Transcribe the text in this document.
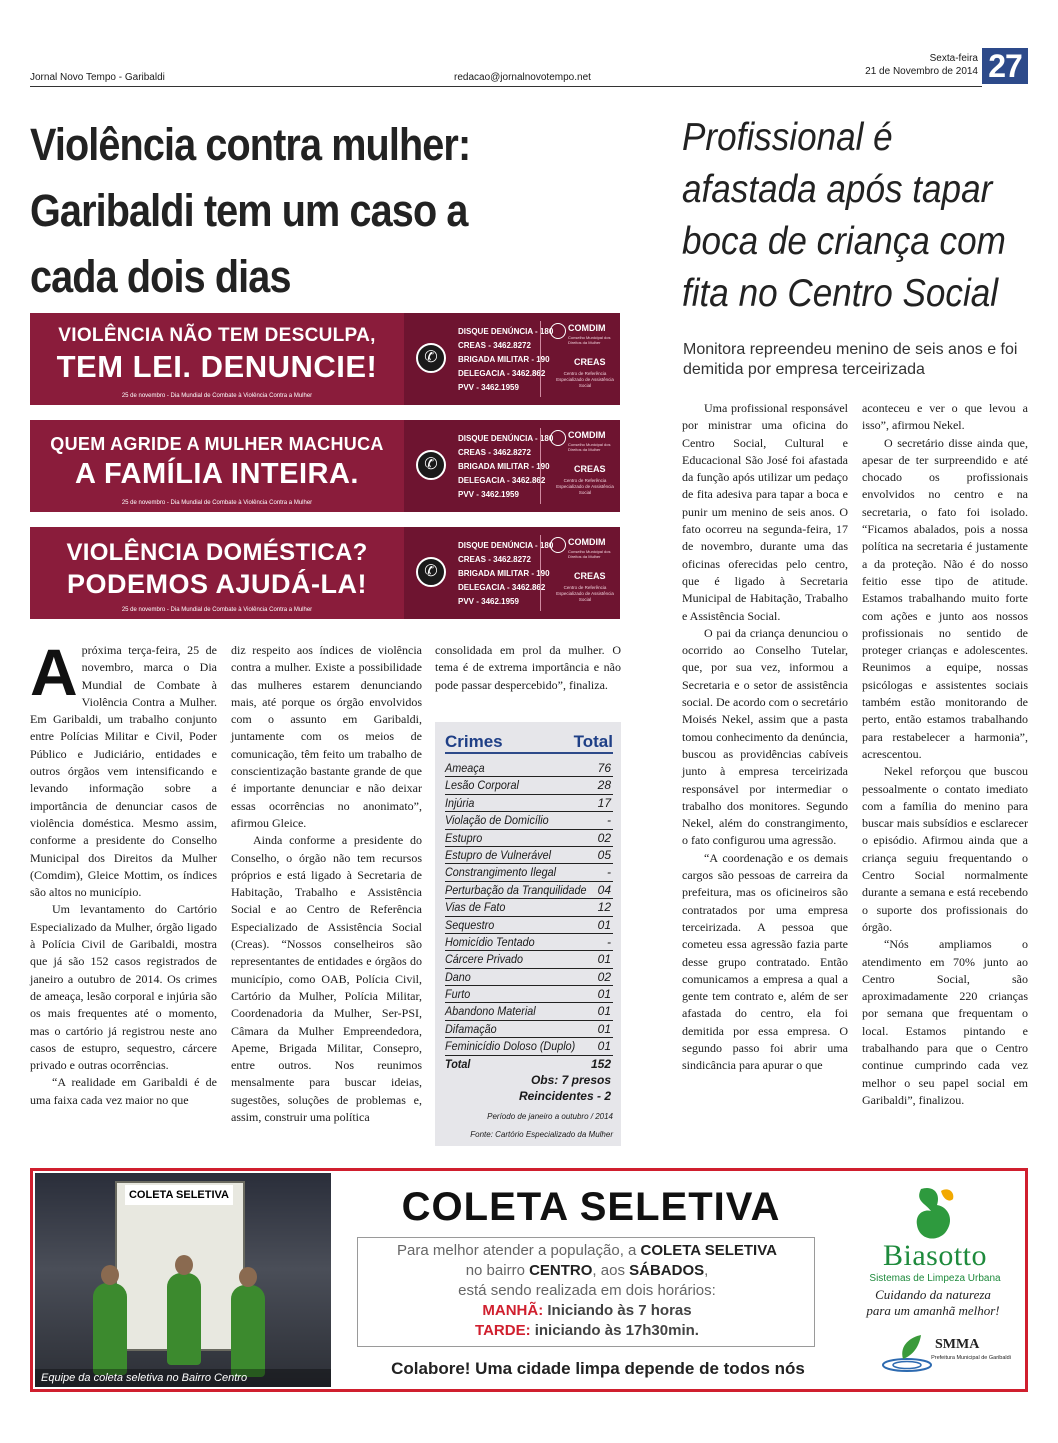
Jornal Novo Tempo - Garibaldi	redacao@jornalnovotempo.net
Sexta-feira
21 de Novembro de 2014 27
Violência contra mulher:
Garibaldi tem um caso a
cada dois dias
Profissional é
afastada após tapar
boca de criança com
fita no Centro Social
Monitora repreendeu menino de seis anos e foi demitida por empresa terceirizada
VIOLÊNCIA NÃO TEM DESCULPA,
TEM LEI. DENUNCIE!
25 de novembro - Dia Mundial de Combate à Violência Contra a Mulher
✆
DISQUE DENÚNCIA - 180
CREAS - 3462.8272
BRIGADA MILITAR - 190
DELEGACIA - 3462.862
PVV - 3462.1959
COMDIM
Conselho Municipal dos Direitos da Mulher
CREAS
Centro de Referência Especializado de Assistência Social
QUEM AGRIDE A MULHER MACHUCA
A FAMÍLIA INTEIRA.
25 de novembro - Dia Mundial de Combate à Violência Contra a Mulher
✆
DISQUE DENÚNCIA - 180
CREAS - 3462.8272
BRIGADA MILITAR - 190
DELEGACIA - 3462.862
PVV - 3462.1959
COMDIM
Conselho Municipal dos Direitos da Mulher
CREAS
Centro de Referência Especializado de Assistência Social
VIOLÊNCIA DOMÉSTICA?
PODEMOS AJUDÁ-LA!
25 de novembro - Dia Mundial de Combate à Violência Contra a Mulher
✆
DISQUE DENÚNCIA - 180
CREAS - 3462.8272
BRIGADA MILITAR - 190
DELEGACIA - 3462.862
PVV - 3462.1959
COMDIM
Conselho Municipal dos Direitos da Mulher
CREAS
Centro de Referência Especializado de Assistência Social

Apróxima terça-feira, 25 de novembro, marca o Dia Mundial de Combate à Violência Contra a Mulher. Em Garibaldi, um trabalho conjunto entre Polícias Militar e Civil, Poder Público e Judiciário, entidades e outros órgãos vem intensificando e levando informação sobre a importância de denunciar casos de violência doméstica. Mesmo assim, conforme a presidente do Conselho Municipal dos Direitos da Mulher (Comdim), Gleice Mottim, os índices são altos no município.

Um levantamento do Cartório Especializado da Mulher, órgão ligado à Polícia Civil de Garibaldi, mostra que já são 152 casos registrados de janeiro a outubro de 2014. Os crimes de ameaça, lesão corporal e injúria são os mais frequentes até o momento, mas o cartório já registrou neste ano casos de estupro, sequestro, cárcere privado e outras ocorrências.

“A realidade em Garibaldi é de uma faixa cada vez maior no que

diz respeito aos índices de violência contra a mulher. Existe a possibilidade das mulheres estarem denunciando mais, até porque os órgão envolvidos com o assunto em Garibaldi, juntamente com os meios de comunicação, têm feito um trabalho de conscientização bastante grande de que é importante denunciar e não deixar essas ocorrências no anonimato”, afirmou Gleice.

Ainda conforme a presidente do Conselho, o órgão não tem recursos próprios e está ligado à Secretaria de Habitação, Trabalho e Assistência Social e ao Centro de Referência Especializado de Assistência Social (Creas). “Nossos conselheiros são representantes de entidades e órgãos do município, como OAB, Polícia Civil, Cartório da Mulher, Polícia Militar, Coordenadoria da Mulher, Ser-PSI, Câmara da Mulher Empreendedora, Apeme, Brigada Militar, Consepro, entre outros. Nos reunimos mensalmente para buscar ideias, sugestões, soluções de problemas e, assim, construir uma política

consolidada em prol da mulher. O tema é de extrema importância e não pode passar despercebido”, finaliza.

Crimes	Total
Ameaça	76
Lesão Corporal	28
Injúria	17
Violação de Domicílio	-
Estupro	02
Estupro de Vulnerável	05
Constrangimento Ilegal	-
Perturbação da Tranquilidade 04
Vias de Fato	12
Sequestro	01
Homicídio Tentado	-
Cárcere Privado	01
Dano	02
Furto	01
Abandono Material	01
Difamação	01
Feminicídio Doloso (Duplo) 01
Total	152
Obs: 7 presos
Reincidentes - 2
Período de janeiro a outubro / 2014
Fonte: Cartório Especializado da Mulher

Uma profissional responsável por ministrar uma oficina do Centro Social, Cultural e Educacional São José foi afastada da função após utilizar um pedaço de fita adesiva para tapar a boca e punir um menino de seis anos. O fato ocorreu na segunda-feira, 17 de novembro, durante uma das oficinas oferecidas pelo centro, que é ligado à Secretaria Municipal de Habitação, Trabalho e Assistência Social.

O pai da criança denunciou o ocorrido ao Conselho Tutelar, que, por sua vez, informou a Secretaria e o setor de assistência social. De acordo com o secretário Moisés Nekel, assim que a pasta tomou conhecimento da denúncia, buscou as providências cabíveis junto à empresa terceirizada responsável por intermediar o trabalho dos monitores. Segundo Nekel, além do constrangimento, o fato configurou uma agressão.

“A coordenação e os demais cargos são pessoas de carreira da prefeitura, mas os oficineiros são contratados por uma empresa terceirizada. A pessoa que cometeu essa agressão fazia parte desse grupo contratado. Então comunicamos a empresa a qual a gente tem contrato e, além de ser afastada do centro, ela foi demitida por essa empresa. O segundo passo foi abrir uma sindicância para apurar o que

aconteceu e ver o que levou a isso”, afirmou Nekel.

O secretário disse ainda que, apesar de ter surpreendido e até chocado os profissionais envolvidos no centro e na secretaria, o fato foi isolado. “Ficamos abalados, pois a nossa política na secretaria é justamente a da proteção. Não é do nosso feitio esse tipo de atitude. Estamos trabalhando muito forte com ações e junto aos nossos profissionais no sentido de proteger crianças e adolescentes. Reunimos a equipe, nossas psicólogas e assistentes sociais também estão monitorando de perto, então estamos trabalhando para restabelecer a harmonia”, acrescentou.

Nekel reforçou que buscou pessoalmente o contato imediato com a família do menino para buscar mais subsídios e esclarecer o episódio. Afirmou ainda que a criança seguiu frequentando o Centro Social normalmente durante a semana e está recebendo o suporte dos profissionais do órgão.

“Nós ampliamos o atendimento em 70% junto ao Centro Social, são aproximadamente 220 crianças por semana que frequentam o local. Estamos pintando e trabalhando para que o Centro continue cumprindo cada vez melhor o seu papel social em Garibaldi”, finalizou.

COLETA SELETIVA
Equipe da coleta seletiva no Bairro Centro
COLETA SELETIVA
Para melhor atender a população, a COLETA SELETIVA
no bairro CENTRO, aos SÁBADOS,
está sendo realizada em dois horários:
MANHÃ: Iniciando às 7 horas
TARDE: iniciando às 17h30min.
Colabore! Uma cidade limpa depende de todos nós
Biasotto
Sistemas de Limpeza Urbana
Cuidando da natureza
para um amanhã melhor!
SMMA
Prefeitura Municipal de Garibaldi
